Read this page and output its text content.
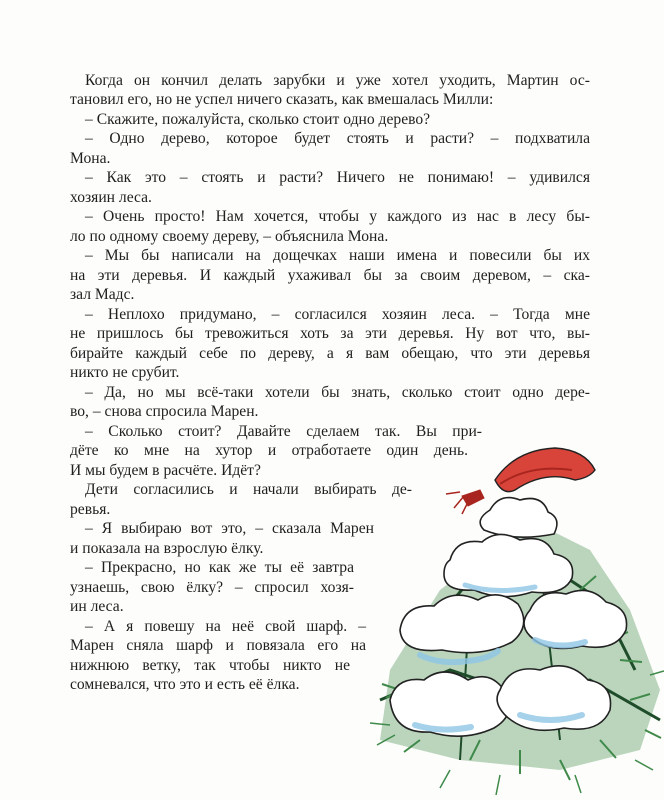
Когда он кончил делать зарубки и уже хотел уходить, Мартин ос-
тановил его, но не успел ничего сказать, как вмешалась Милли:
– Скажите, пожалуйста, сколько стоит одно дерево?
– Одно дерево, которое будет стоять и расти? – подхватила
Мона.
– Как это – стоять и расти? Ничего не понимаю! – удивился
хозяин леса.
– Очень просто! Нам хочется, чтобы у каждого из нас в лесу бы-
ло по одному своему дереву, – объяснила Мона.
– Мы бы написали на дощечках наши имена и повесили бы их
на эти деревья. И каждый ухаживал бы за своим деревом, – ска-
зал Мадс.
– Неплохо придумано, – согласился хозяин леса. – Тогда мне
не пришлось бы тревожиться хоть за эти деревья. Ну вот что, вы-
бирайте каждый себе по дереву, а я вам обещаю, что эти деревья
никто не срубит.
– Да, но мы всё-таки хотели бы знать, сколько стоит одно дере-
во, – снова спросила Марен.
– Сколько стоит? Давайте сделаем так. Вы при-
дёте ко мне на хутор и отработаете один день.
И мы будем в расчёте. Идёт?
Дети согласились и начали выбирать де-
ревья.
– Я выбираю вот это, – сказала Марен
и показала на взрослую ёлку.
– Прекрасно, но как же ты её завтра
узнаешь, свою ёлку? – спросил хозя-
ин леса.
– А я повешу на неё свой шарф. –
Марен сняла шарф и повязала его на
нижнюю ветку, так чтобы никто не
сомневался, что это и есть её ёлка.
